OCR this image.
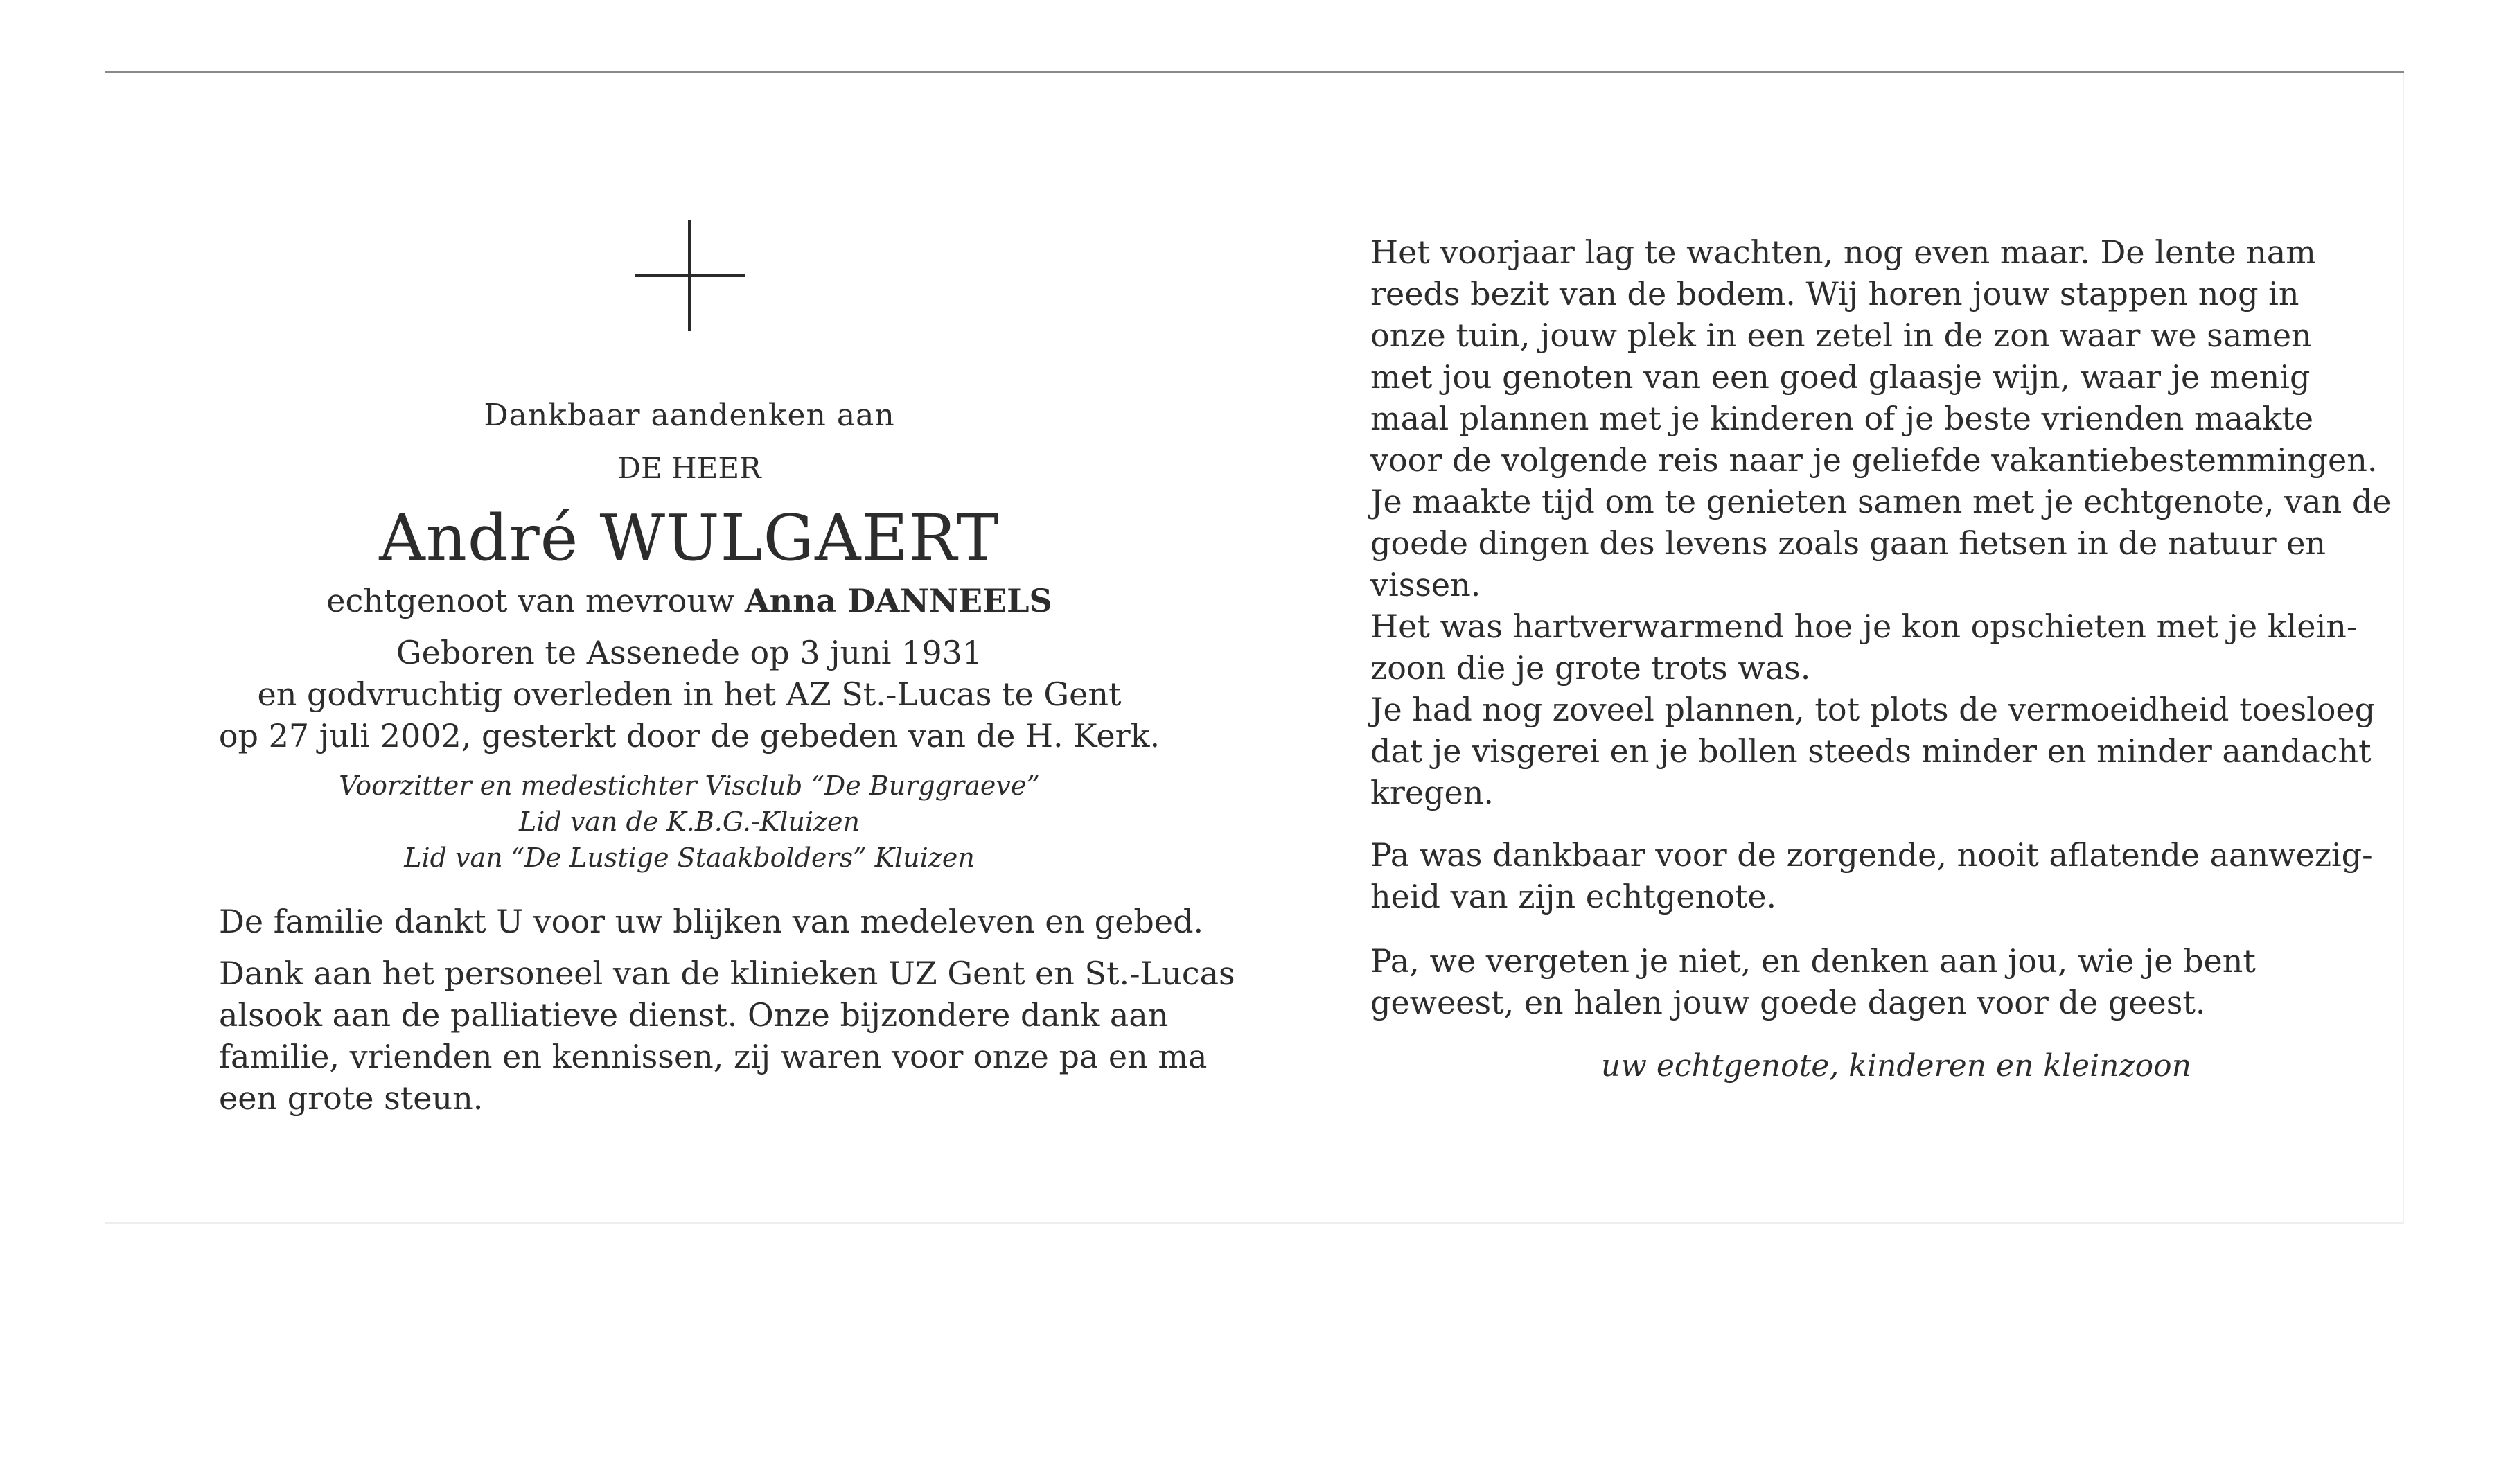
Dankbaar aandenken aan
DE HEER
André WULGAERT
echtgenoot van mevrouw Anna DANNEELS
Geboren te Assenede op 3 juni 1931
en godvruchtig overleden in het AZ St.-Lucas te Gent
op 27 juli 2002, gesterkt door de gebeden van de H. Kerk.
Voorzitter en medestichter Visclub “De Burggraeve”
Lid van de K.B.G.-Kluizen
Lid van “De Lustige Staakbolders” Kluizen
De familie dankt U voor uw blijken van medeleven en gebed.
Dank aan het personeel van de klinieken UZ Gent en St.-Lucas
alsook aan de palliatieve dienst. Onze bijzondere dank aan
familie, vrienden en kennissen, zij waren voor onze pa en ma
een grote steun.
Het voorjaar lag te wachten, nog even maar. De lente nam
reeds bezit van de bodem. Wij horen jouw stappen nog in
onze tuin, jouw plek in een zetel in de zon waar we samen
met jou genoten van een goed glaasje wijn, waar je menig
maal plannen met je kinderen of je beste vrienden maakte
voor de volgende reis naar je geliefde vakantiebestemmingen.
Je maakte tijd om te genieten samen met je echtgenote, van de
goede dingen des levens zoals gaan fietsen in de natuur en
vissen.
Het was hartverwarmend hoe je kon opschieten met je klein-
zoon die je grote trots was.
Je had nog zoveel plannen, tot plots de vermoeidheid toesloeg
dat je visgerei en je bollen steeds minder en minder aandacht
kregen.
Pa was dankbaar voor de zorgende, nooit aflatende aanwezig-
heid van zijn echtgenote.
Pa, we vergeten je niet, en denken aan jou, wie je bent
geweest, en halen jouw goede dagen voor de geest.
uw echtgenote, kinderen en kleinzoon
